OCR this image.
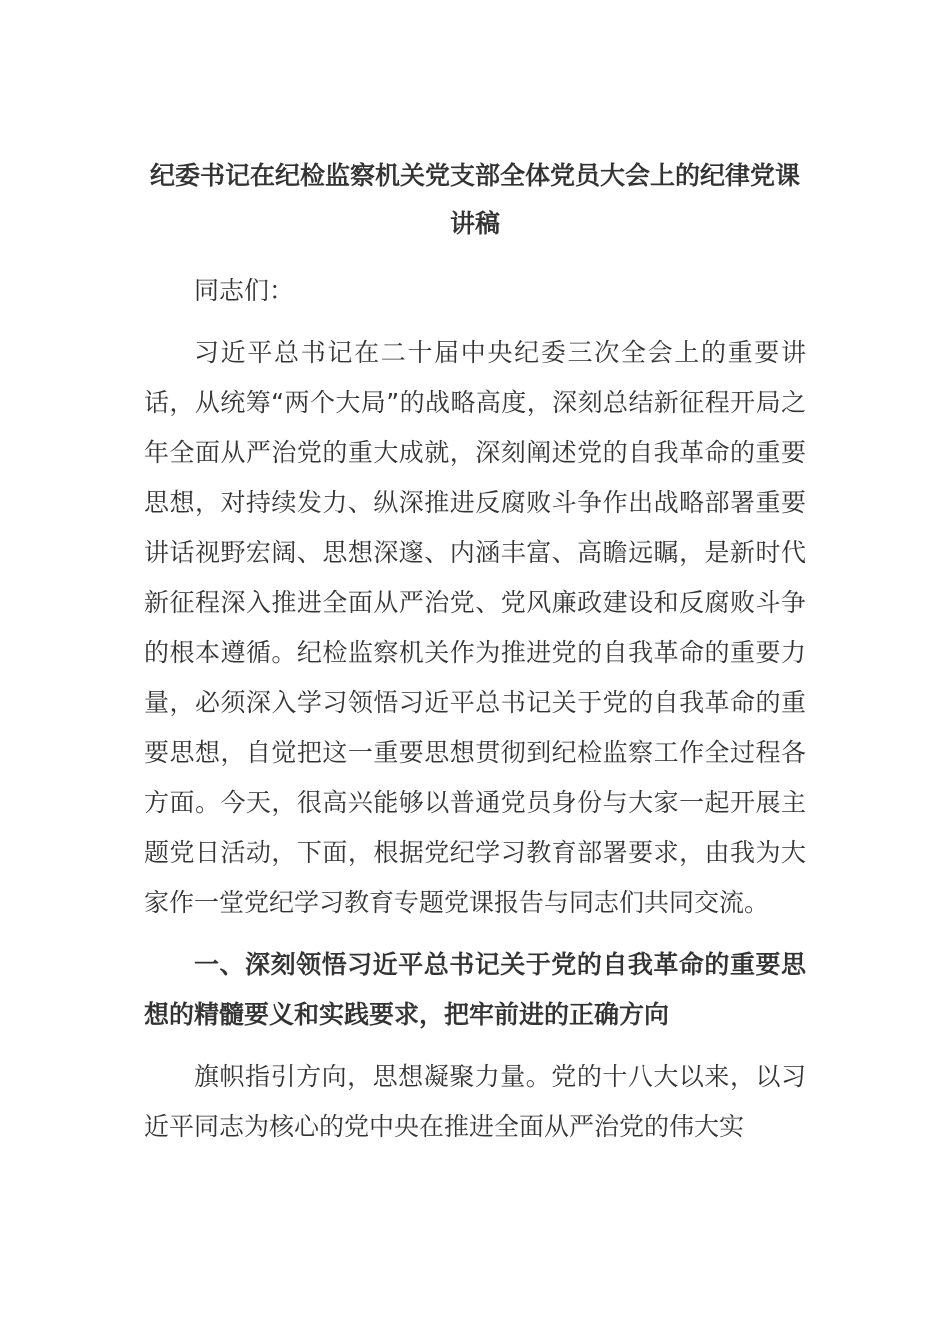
纪委书记在纪检监察机关党支部全体党员大会上的纪律党课讲稿

同志们：

习近平总书记在二十届中央纪委三次全会上的重要讲话，从统筹“两个大局”的战略高度，深刻总结新征程开局之年全面从严治党的重大成就，深刻阐述党的自我革命的重要思想，对持续发力、纵深推进反腐败斗争作出战略部署重要讲话视野宏阔、思想深邃、内涵丰富、高瞻远瞩，是新时代新征程深入推进全面从严治党、党风廉政建设和反腐败斗争的根本遵循。纪检监察机关作为推进党的自我革命的重要力量，必须深入学习领悟习近平总书记关于党的自我革命的重要思想，自觉把这一重要思想贯彻到纪检监察工作全过程各方面。今天，很高兴能够以普通党员身份与大家一起开展主题党日活动，下面，根据党纪学习教育部署要求，由我为大家作一堂党纪学习教育专题党课报告与同志们共同交流。

一、深刻领悟习近平总书记关于党的自我革命的重要思想的精髓要义和实践要求，把牢前进的正确方向

旗帜指引方向，思想凝聚力量。党的十八大以来，以习近平同志为核心的党中央在推进全面从严治党的伟大实
